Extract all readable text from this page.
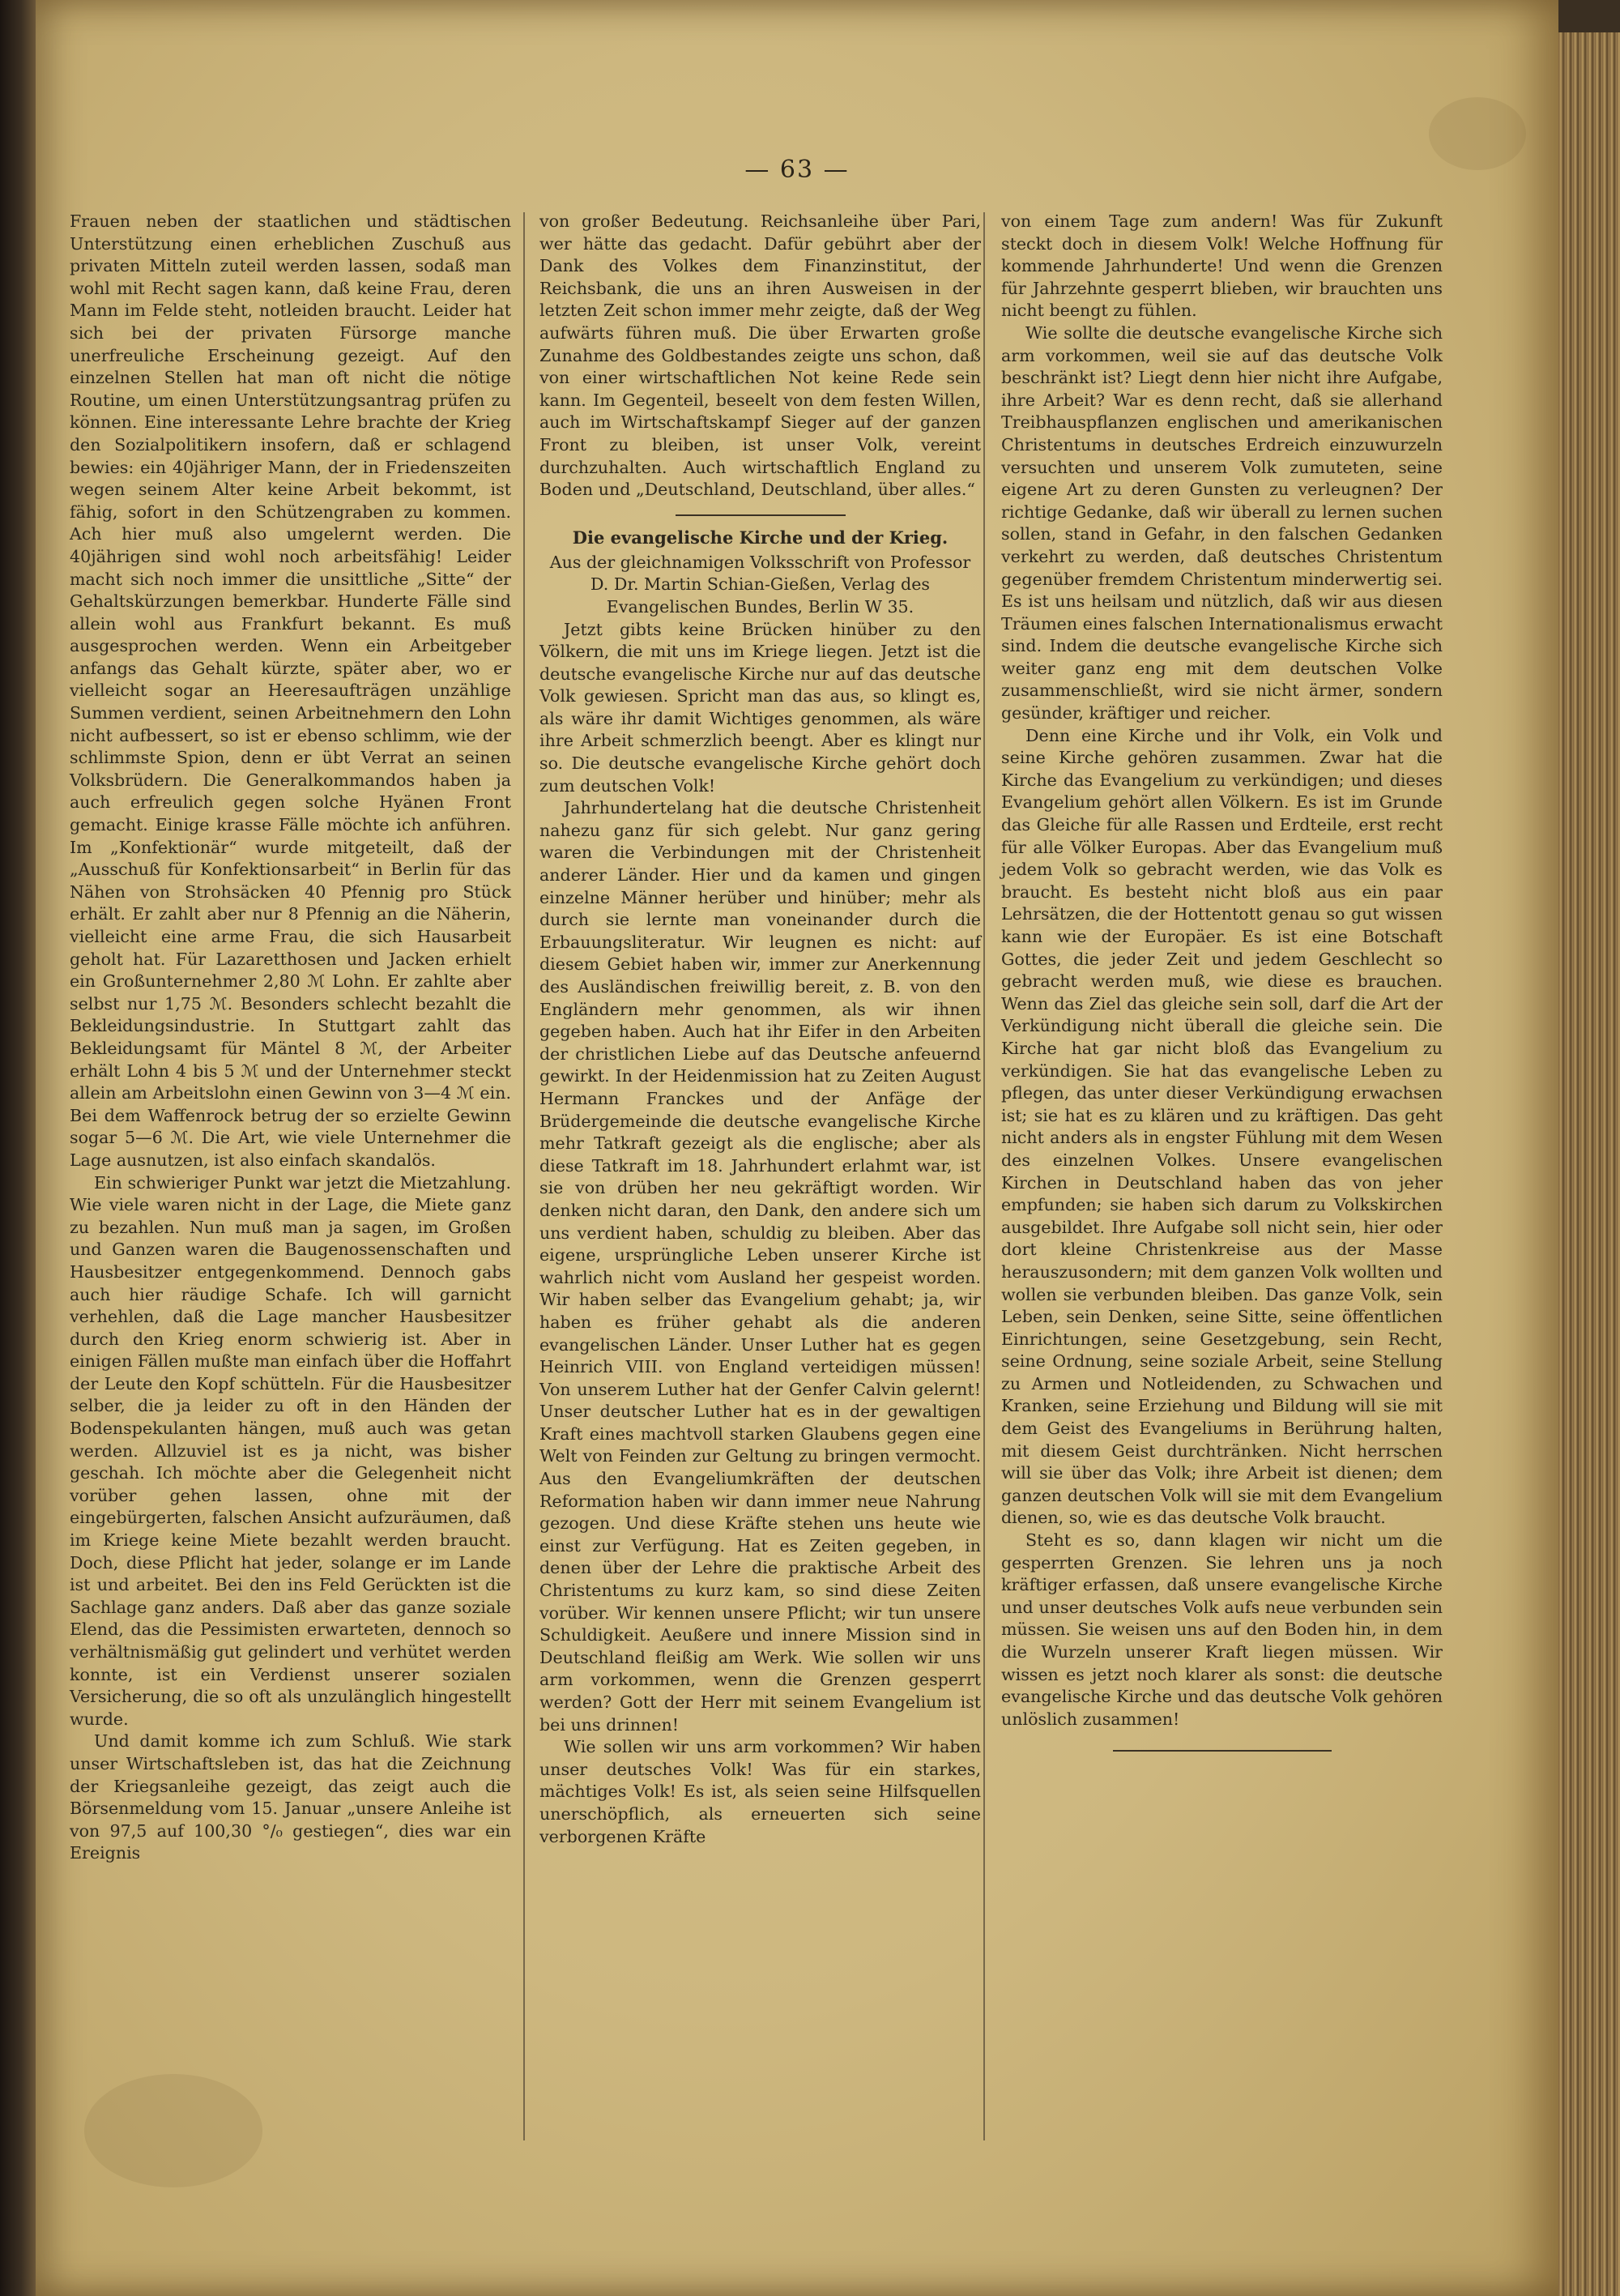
— 63 —

Frauen neben der staatlichen und städtischen Unterstützung einen erheblichen Zuschuß aus privaten Mitteln zuteil werden lassen, sodaß man wohl mit Recht sagen kann, daß keine Frau, deren Mann im Felde steht, notleiden braucht. Leider hat sich bei der privaten Fürsorge manche unerfreuliche Erscheinung gezeigt. Auf den einzelnen Stellen hat man oft nicht die nötige Routine, um einen Unterstützungsantrag prüfen zu können. Eine interessante Lehre brachte der Krieg den Sozialpolitikern insofern, daß er schlagend bewies: ein 40jähriger Mann, der in Friedenszeiten wegen seinem Alter keine Arbeit bekommt, ist fähig, sofort in den Schützengraben zu kommen. Ach hier muß also umgelernt werden. Die 40jährigen sind wohl noch arbeitsfähig! Leider macht sich noch immer die unsittliche „Sitte“ der Gehaltskürzungen bemerkbar. Hunderte Fälle sind allein wohl aus Frankfurt bekannt. Es muß ausgesprochen werden. Wenn ein Arbeitgeber anfangs das Gehalt kürzte, später aber, wo er vielleicht sogar an Heeresaufträgen unzählige Summen verdient, seinen Arbeitnehmern den Lohn nicht aufbessert, so ist er ebenso schlimm, wie der schlimmste Spion, denn er übt Verrat an seinen Volksbrüdern. Die Generalkommandos haben ja auch erfreulich gegen solche Hyänen Front gemacht. Einige krasse Fälle möchte ich anführen. Im „Konfektionär“ wurde mitgeteilt, daß der „Ausschuß für Konfektionsarbeit“ in Berlin für das Nähen von Strohsäcken 40 Pfennig pro Stück erhält. Er zahlt aber nur 8 Pfennig an die Näherin, vielleicht eine arme Frau, die sich Hausarbeit geholt hat. Für Lazaretthosen und Jacken erhielt ein Großunternehmer 2,80 ℳ Lohn. Er zahlte aber selbst nur 1,75 ℳ. Besonders schlecht bezahlt die Bekleidungsindustrie. In Stuttgart zahlt das Bekleidungsamt für Mäntel 8 ℳ, der Arbeiter erhält Lohn 4 bis 5 ℳ und der Unternehmer steckt allein am Arbeitslohn einen Gewinn von 3—4 ℳ ein. Bei dem Waffenrock betrug der so erzielte Gewinn sogar 5—6 ℳ. Die Art, wie viele Unternehmer die Lage ausnutzen, ist also einfach skandalös.

Ein schwieriger Punkt war jetzt die Mietzahlung. Wie viele waren nicht in der Lage, die Miete ganz zu bezahlen. Nun muß man ja sagen, im Großen und Ganzen waren die Baugenossenschaften und Hausbesitzer entgegenkommend. Dennoch gabs auch hier räudige Schafe. Ich will garnicht verhehlen, daß die Lage mancher Hausbesitzer durch den Krieg enorm schwierig ist. Aber in einigen Fällen mußte man einfach über die Hoffahrt der Leute den Kopf schütteln. Für die Hausbesitzer selber, die ja leider zu oft in den Händen der Bodenspekulanten hängen, muß auch was getan werden. Allzuviel ist es ja nicht, was bisher geschah. Ich möchte aber die Gelegenheit nicht vorüber gehen lassen, ohne mit der eingebürgerten, falschen Ansicht aufzuräumen, daß im Kriege keine Miete bezahlt werden braucht. Doch, diese Pflicht hat jeder, solange er im Lande ist und arbeitet. Bei den ins Feld Gerückten ist die Sachlage ganz anders. Daß aber das ganze soziale Elend, das die Pessimisten erwarteten, dennoch so verhältnismäßig gut gelindert und verhütet werden konnte, ist ein Verdienst unserer sozialen Versicherung, die so oft als unzulänglich hingestellt wurde.

Und damit komme ich zum Schluß. Wie stark unser Wirtschaftsleben ist, das hat die Zeichnung der Kriegsanleihe gezeigt, das zeigt auch die Börsenmeldung vom 15. Januar „unsere Anleihe ist von 97,5 auf 100,30 °/₀ gestiegen“, dies war ein Ereignis

von großer Bedeutung. Reichsanleihe über Pari, wer hätte das gedacht. Dafür gebührt aber der Dank des Volkes dem Finanzinstitut, der Reichsbank, die uns an ihren Ausweisen in der letzten Zeit schon immer mehr zeigte, daß der Weg aufwärts führen muß. Die über Erwarten große Zunahme des Goldbestandes zeigte uns schon, daß von einer wirtschaftlichen Not keine Rede sein kann. Im Gegenteil, beseelt von dem festen Willen, auch im Wirtschaftskampf Sieger auf der ganzen Front zu bleiben, ist unser Volk, vereint durchzuhalten. Auch wirtschaftlich England zu Boden und „Deutschland, Deutschland, über alles.“

Die evangelische Kirche und der Krieg.

Aus der gleichnamigen Volksschrift von Professor D. Dr. Martin Schian-Gießen, Verlag des Evangelischen Bundes, Berlin W 35.

Jetzt gibts keine Brücken hinüber zu den Völkern, die mit uns im Kriege liegen. Jetzt ist die deutsche evangelische Kirche nur auf das deutsche Volk gewiesen. Spricht man das aus, so klingt es, als wäre ihr damit Wichtiges genommen, als wäre ihre Arbeit schmerzlich beengt. Aber es klingt nur so. Die deutsche evangelische Kirche gehört doch zum deutschen Volk!

Jahrhundertelang hat die deutsche Christenheit nahezu ganz für sich gelebt. Nur ganz gering waren die Verbindungen mit der Christenheit anderer Länder. Hier und da kamen und gingen einzelne Männer herüber und hinüber; mehr als durch sie lernte man voneinander durch die Erbauungsliteratur. Wir leugnen es nicht: auf diesem Gebiet haben wir, immer zur Anerkennung des Ausländischen freiwillig bereit, z. B. von den Engländern mehr genommen, als wir ihnen gegeben haben. Auch hat ihr Eifer in den Arbeiten der christlichen Liebe auf das Deutsche anfeuernd gewirkt. In der Heidenmission hat zu Zeiten August Hermann Franckes und der Anfäge der Brüdergemeinde die deutsche evangelische Kirche mehr Tatkraft gezeigt als die englische; aber als diese Tatkraft im 18. Jahrhundert erlahmt war, ist sie von drüben her neu gekräftigt worden. Wir denken nicht daran, den Dank, den andere sich um uns verdient haben, schuldig zu bleiben. Aber das eigene, ursprüngliche Leben unserer Kirche ist wahrlich nicht vom Ausland her gespeist worden. Wir haben selber das Evangelium gehabt; ja, wir haben es früher gehabt als die anderen evangelischen Länder. Unser Luther hat es gegen Heinrich VIII. von England verteidigen müssen! Von unserem Luther hat der Genfer Calvin gelernt! Unser deutscher Luther hat es in der gewaltigen Kraft eines machtvoll starken Glaubens gegen eine Welt von Feinden zur Geltung zu bringen vermocht. Aus den Evangeliumkräften der deutschen Reformation haben wir dann immer neue Nahrung gezogen. Und diese Kräfte stehen uns heute wie einst zur Verfügung. Hat es Zeiten gegeben, in denen über der Lehre die praktische Arbeit des Christentums zu kurz kam, so sind diese Zeiten vorüber. Wir kennen unsere Pflicht; wir tun unsere Schuldigkeit. Aeußere und innere Mission sind in Deutschland fleißig am Werk. Wie sollen wir uns arm vorkommen, wenn die Grenzen gesperrt werden? Gott der Herr mit seinem Evangelium ist bei uns drinnen!

Wie sollen wir uns arm vorkommen? Wir haben unser deutsches Volk! Was für ein starkes, mächtiges Volk! Es ist, als seien seine Hilfsquellen unerschöpflich, als erneuerten sich seine verborgenen Kräfte

von einem Tage zum andern! Was für Zukunft steckt doch in diesem Volk! Welche Hoffnung für kommende Jahrhunderte! Und wenn die Grenzen für Jahrzehnte gesperrt blieben, wir brauchten uns nicht beengt zu fühlen.

Wie sollte die deutsche evangelische Kirche sich arm vorkommen, weil sie auf das deutsche Volk beschränkt ist? Liegt denn hier nicht ihre Aufgabe, ihre Arbeit? War es denn recht, daß sie allerhand Treibhauspflanzen englischen und amerikanischen Christentums in deutsches Erdreich einzuwurzeln versuchten und unserem Volk zumuteten, seine eigene Art zu deren Gunsten zu verleugnen? Der richtige Gedanke, daß wir überall zu lernen suchen sollen, stand in Gefahr, in den falschen Gedanken verkehrt zu werden, daß deutsches Christentum gegenüber fremdem Christentum minderwertig sei. Es ist uns heilsam und nützlich, daß wir aus diesen Träumen eines falschen Internationalismus erwacht sind. Indem die deutsche evangelische Kirche sich weiter ganz eng mit dem deutschen Volke zusammenschließt, wird sie nicht ärmer, sondern gesünder, kräftiger und reicher.

Denn eine Kirche und ihr Volk, ein Volk und seine Kirche gehören zusammen. Zwar hat die Kirche das Evangelium zu verkündigen; und dieses Evangelium gehört allen Völkern. Es ist im Grunde das Gleiche für alle Rassen und Erdteile, erst recht für alle Völker Europas. Aber das Evangelium muß jedem Volk so gebracht werden, wie das Volk es braucht. Es besteht nicht bloß aus ein paar Lehrsätzen, die der Hottentott genau so gut wissen kann wie der Europäer. Es ist eine Botschaft Gottes, die jeder Zeit und jedem Geschlecht so gebracht werden muß, wie diese es brauchen. Wenn das Ziel das gleiche sein soll, darf die Art der Verkündigung nicht überall die gleiche sein. Die Kirche hat gar nicht bloß das Evangelium zu verkündigen. Sie hat das evangelische Leben zu pflegen, das unter dieser Verkündigung erwachsen ist; sie hat es zu klären und zu kräftigen. Das geht nicht anders als in engster Fühlung mit dem Wesen des einzelnen Volkes. Unsere evangelischen Kirchen in Deutschland haben das von jeher empfunden; sie haben sich darum zu Volkskirchen ausgebildet. Ihre Aufgabe soll nicht sein, hier oder dort kleine Christenkreise aus der Masse herauszusondern; mit dem ganzen Volk wollten und wollen sie verbunden bleiben. Das ganze Volk, sein Leben, sein Denken, seine Sitte, seine öffentlichen Einrichtungen, seine Gesetzgebung, sein Recht, seine Ordnung, seine soziale Arbeit, seine Stellung zu Armen und Notleidenden, zu Schwachen und Kranken, seine Erziehung und Bildung will sie mit dem Geist des Evangeliums in Berührung halten, mit diesem Geist durchtränken. Nicht herrschen will sie über das Volk; ihre Arbeit ist dienen; dem ganzen deutschen Volk will sie mit dem Evangelium dienen, so, wie es das deutsche Volk braucht.

Steht es so, dann klagen wir nicht um die gesperrten Grenzen. Sie lehren uns ja noch kräftiger erfassen, daß unsere evangelische Kirche und unser deutsches Volk aufs neue verbunden sein müssen. Sie weisen uns auf den Boden hin, in dem die Wurzeln unserer Kraft liegen müssen. Wir wissen es jetzt noch klarer als sonst: die deutsche evangelische Kirche und das deutsche Volk gehören unlöslich zusammen!
